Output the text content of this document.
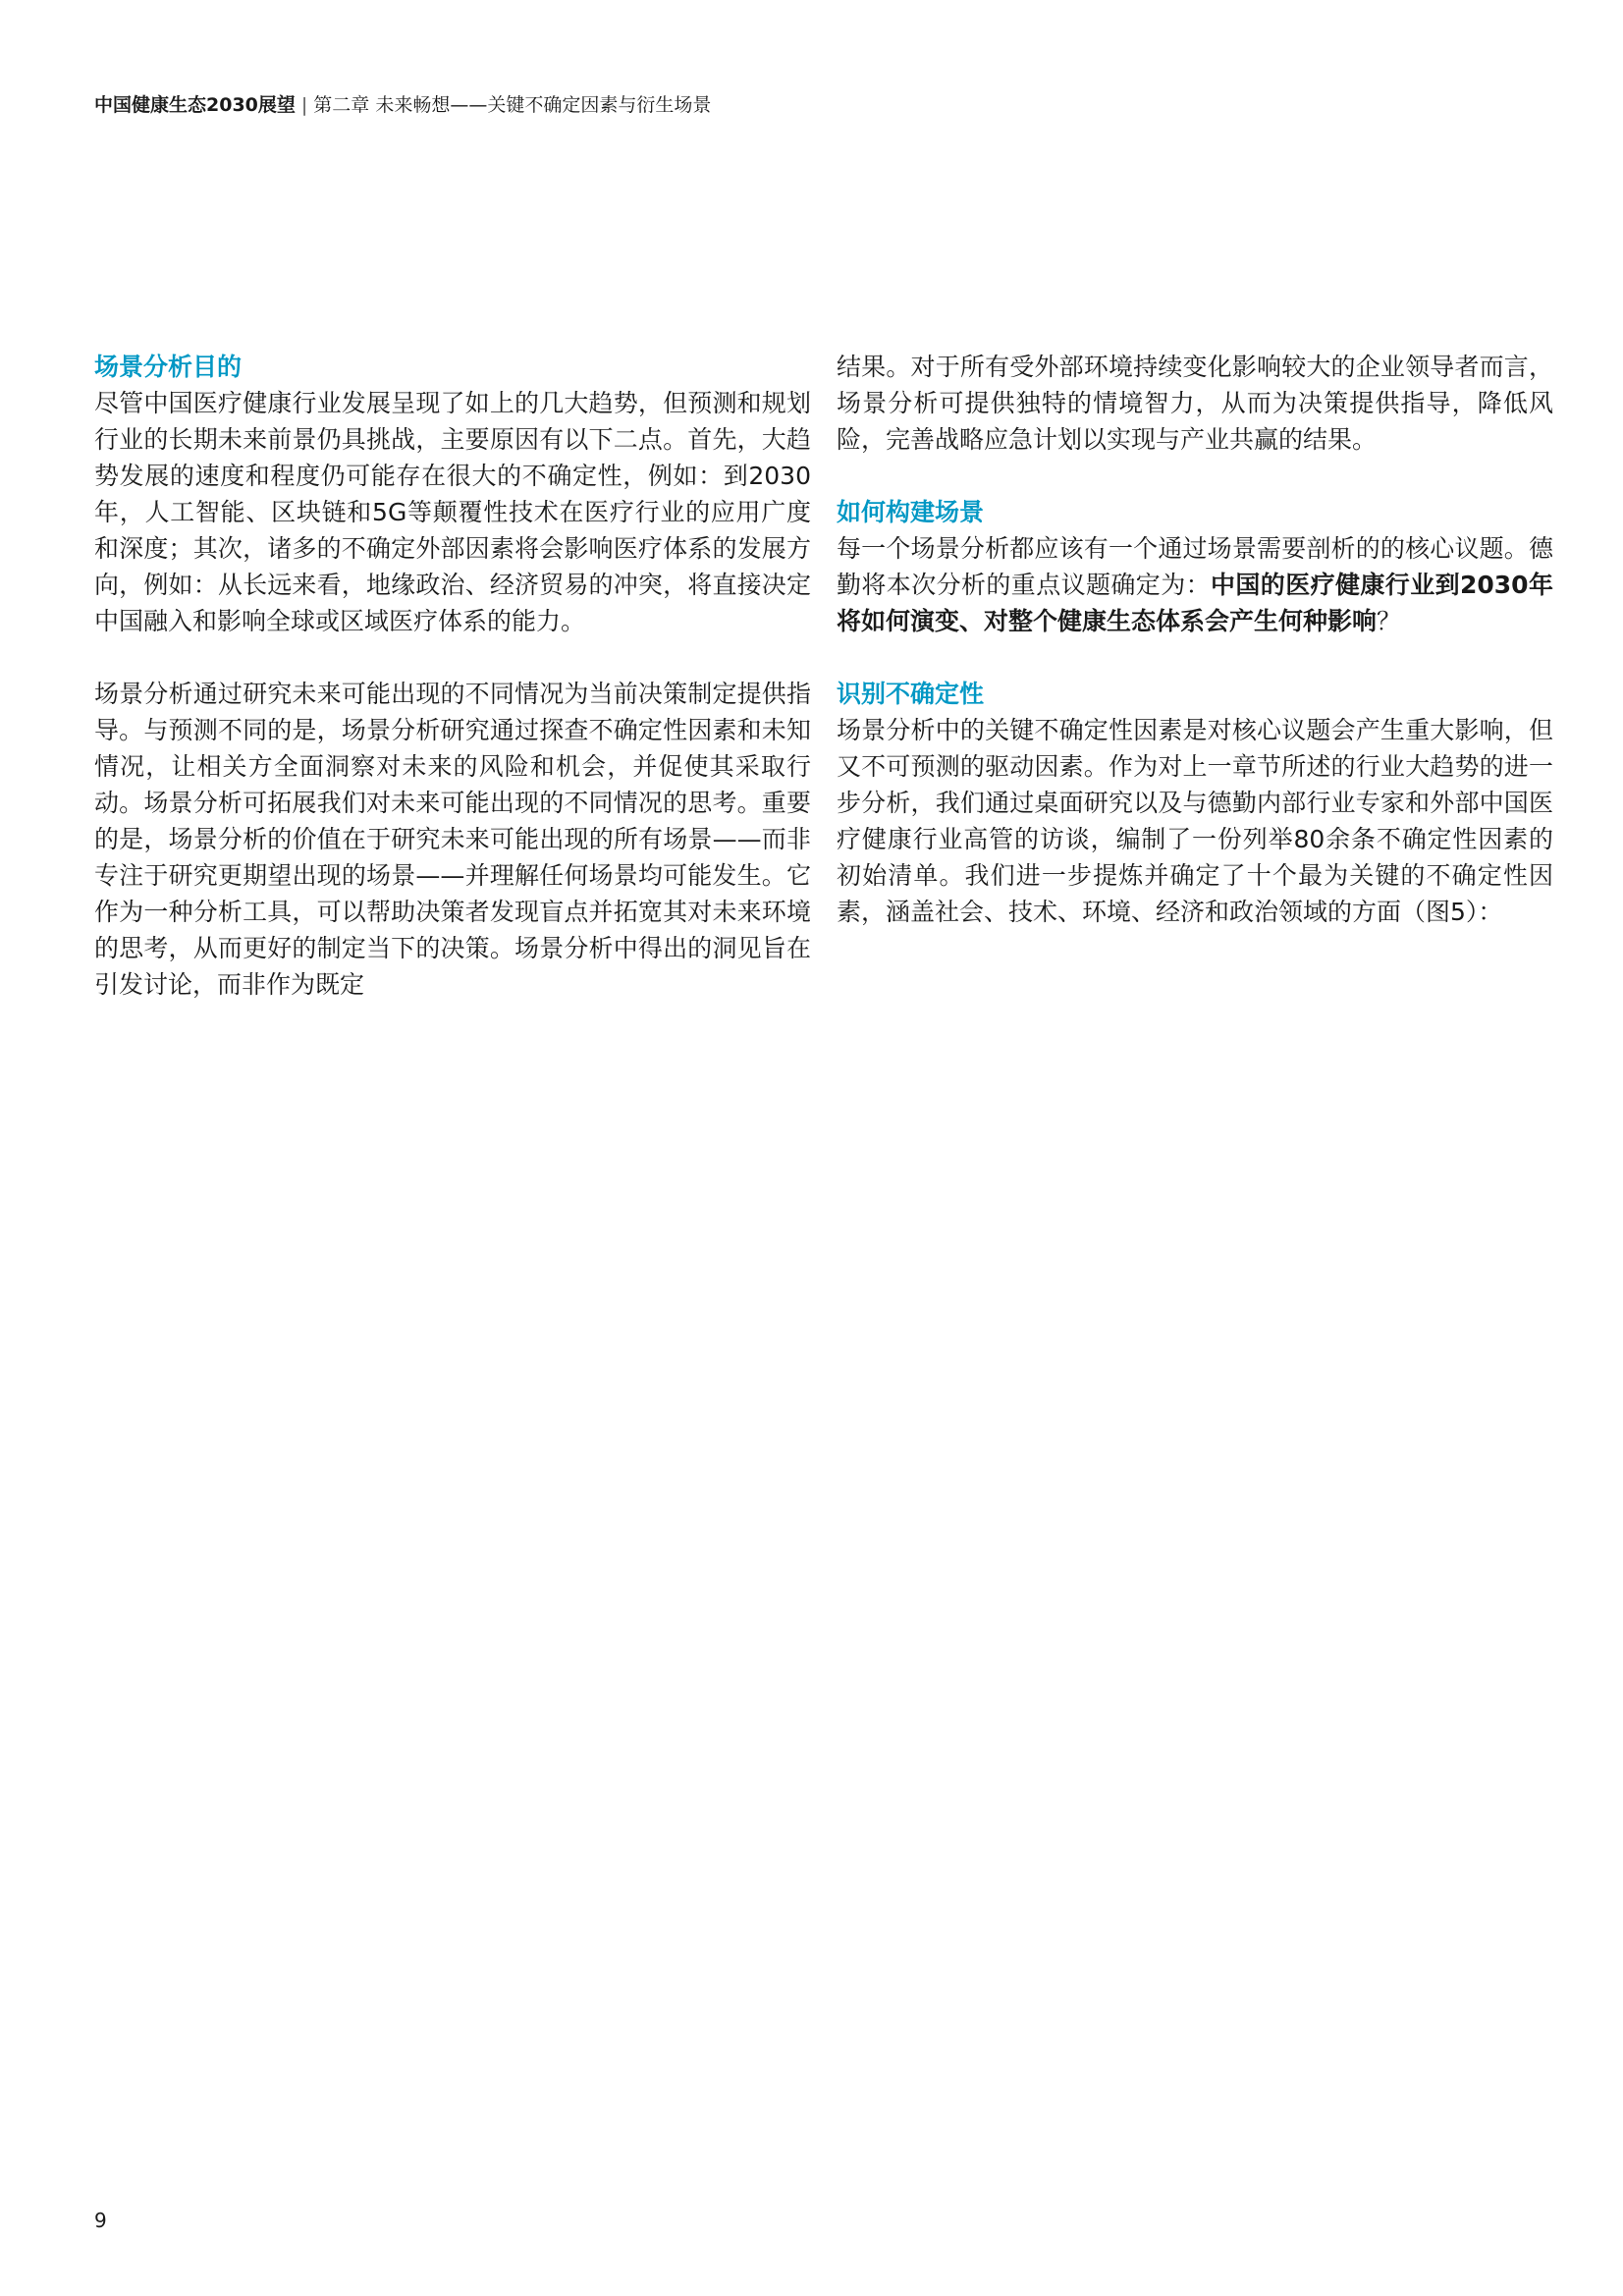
中国健康生态2030展望 | 第二章 未来畅想——关键不确定因素与衍生场景
场景分析目的

尽管中国医疗健康行业发展呈现了如上的几大趋势，但预测和规划行业的长期未来前景仍具挑战，主要原因有以下二点。首先，大趋势发展的速度和程度仍可能存在很大的不确定性，例如：到2030年，人工智能、区块链和5G等颠覆性技术在医疗行业的应用广度和深度；其次，诸多的不确定外部因素将会影响医疗体系的发展方向，例如：从长远来看，地缘政治、经济贸易的冲突，将直接决定中国融入和影响全球或区域医疗体系的能力。

场景分析通过研究未来可能出现的不同情况为当前决策制定提供指导。与预测不同的是，场景分析研究通过探查不确定性因素和未知情况，让相关方全面洞察对未来的风险和机会，并促使其采取行动。场景分析可拓展我们对未来可能出现的不同情况的思考。重要的是，场景分析的价值在于研究未来可能出现的所有场景——而非专注于研究更期望出现的场景——并理解任何场景均可能发生。它作为一种分析工具，可以帮助决策者发现盲点并拓宽其对未来环境的思考，从而更好的制定当下的决策。场景分析中得出的洞见旨在引发讨论，而非作为既定

结果。对于所有受外部环境持续变化影响较大的企业领导者而言，场景分析可提供独特的情境智力，从而为决策提供指导，降低风险，完善战略应急计划以实现与产业共赢的结果。

如何构建场景

每一个场景分析都应该有一个通过场景需要剖析的的核心议题。德勤将本次分析的重点议题确定为：中国的医疗健康行业到2030年将如何演变、对整个健康生态体系会产生何种影响？

识别不确定性

场景分析中的关键不确定性因素是对核心议题会产生重大影响，但又不可预测的驱动因素。作为对上一章节所述的行业大趋势的进一步分析，我们通过桌面研究以及与德勤内部行业专家和外部中国医疗健康行业高管的访谈，编制了一份列举80余条不确定性因素的初始清单。我们进一步提炼并确定了十个最为关键的不确定性因素，涵盖社会、技术、环境、经济和政治领域的方面（图5）：

9
